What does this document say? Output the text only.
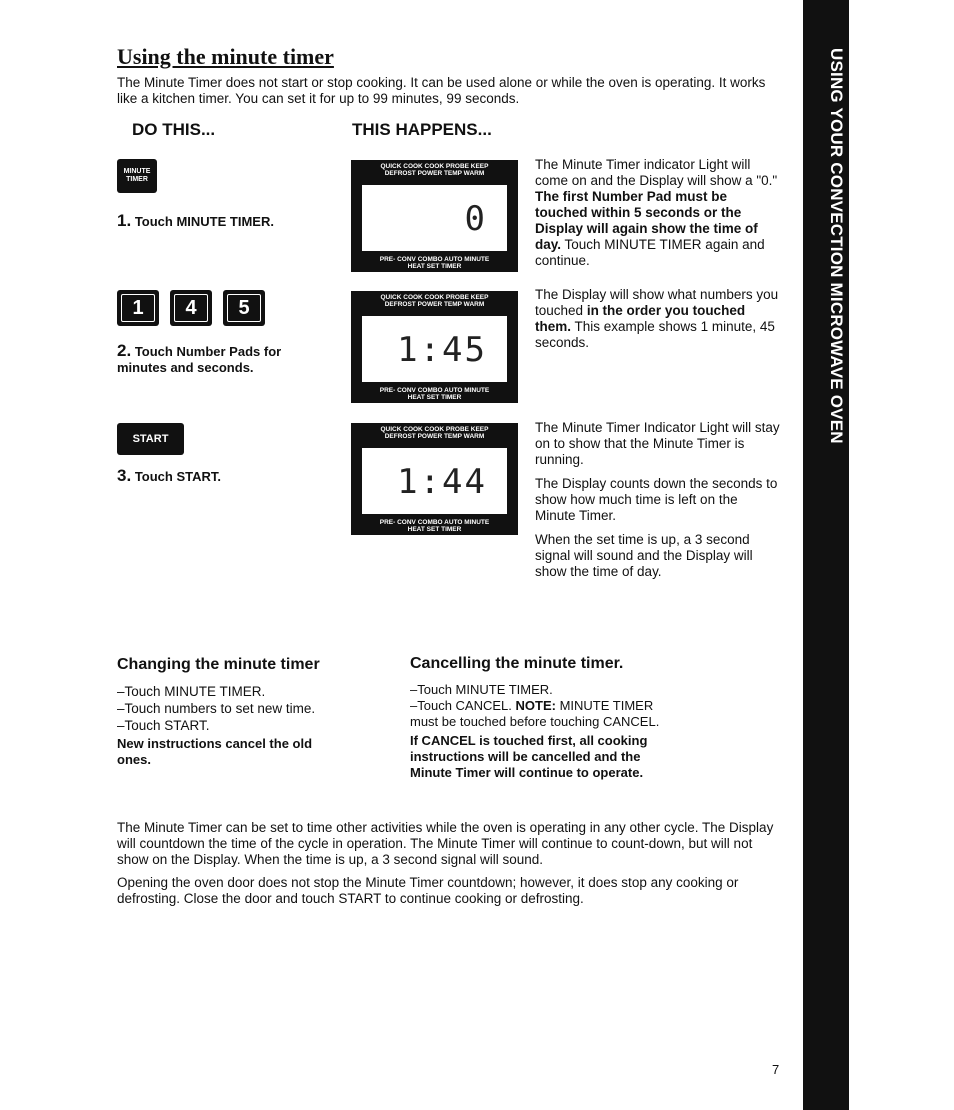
USING YOUR CONVECTION MICROWAVE OVEN
Using the minute timer
The Minute Timer does not start or stop cooking. It can be used alone or while the oven is operating. It works like a kitchen timer. You can set it for up to 99 minutes, 99 seconds.
DO THIS...	THIS HAPPENS...
MINUTE TIMER
1. Touch MINUTE TIMER.
QUICK COOK COOK PROBE KEEP
DEFROST POWER TEMP WARM
0
PRE- CONV COMBO AUTO MINUTE
HEAT SET TIMER
The Minute Timer indicator Light will come on and the Display will show a "0." The first Number Pad must be touched within 5 seconds or the Display will again show the time of day. Touch MINUTE TIMER again and continue.
1 4 5
2. Touch Number Pads for minutes and seconds.
QUICK COOK COOK PROBE KEEP
DEFROST POWER TEMP WARM
1:45
PRE- CONV COMBO AUTO MINUTE
HEAT SET TIMER
The Display will show what numbers you touched in the order you touched them. This example shows 1 minute, 45 seconds.
START
3. Touch START.
QUICK COOK COOK PROBE KEEP
DEFROST POWER TEMP WARM
1:44
PRE- CONV COMBO AUTO MINUTE
HEAT SET TIMER
The Minute Timer Indicator Light will stay on to show that the Minute Timer is running.
The Display counts down the seconds to show how much time is left on the Minute Timer.
When the set time is up, a 3 second signal will sound and the Display will show the time of day.
Changing the minute timer
–Touch MINUTE TIMER.
–Touch numbers to set new time.
–Touch START.
New instructions cancel the old ones.
Cancelling the minute timer.
–Touch MINUTE TIMER.
–Touch CANCEL. NOTE: MINUTE TIMER must be touched before touching CANCEL.
If CANCEL is touched first, all cooking instructions will be cancelled and the Minute Timer will continue to operate.
The Minute Timer can be set to time other activities while the oven is operating in any other cycle. The Display will countdown the time of the cycle in operation. The Minute Timer will continue to count-down, but will not show on the Display. When the time is up, a 3 second signal will sound.
Opening the oven door does not stop the Minute Timer countdown; however, it does stop any cooking or defrosting. Close the door and touch START to continue cooking or defrosting.
7
